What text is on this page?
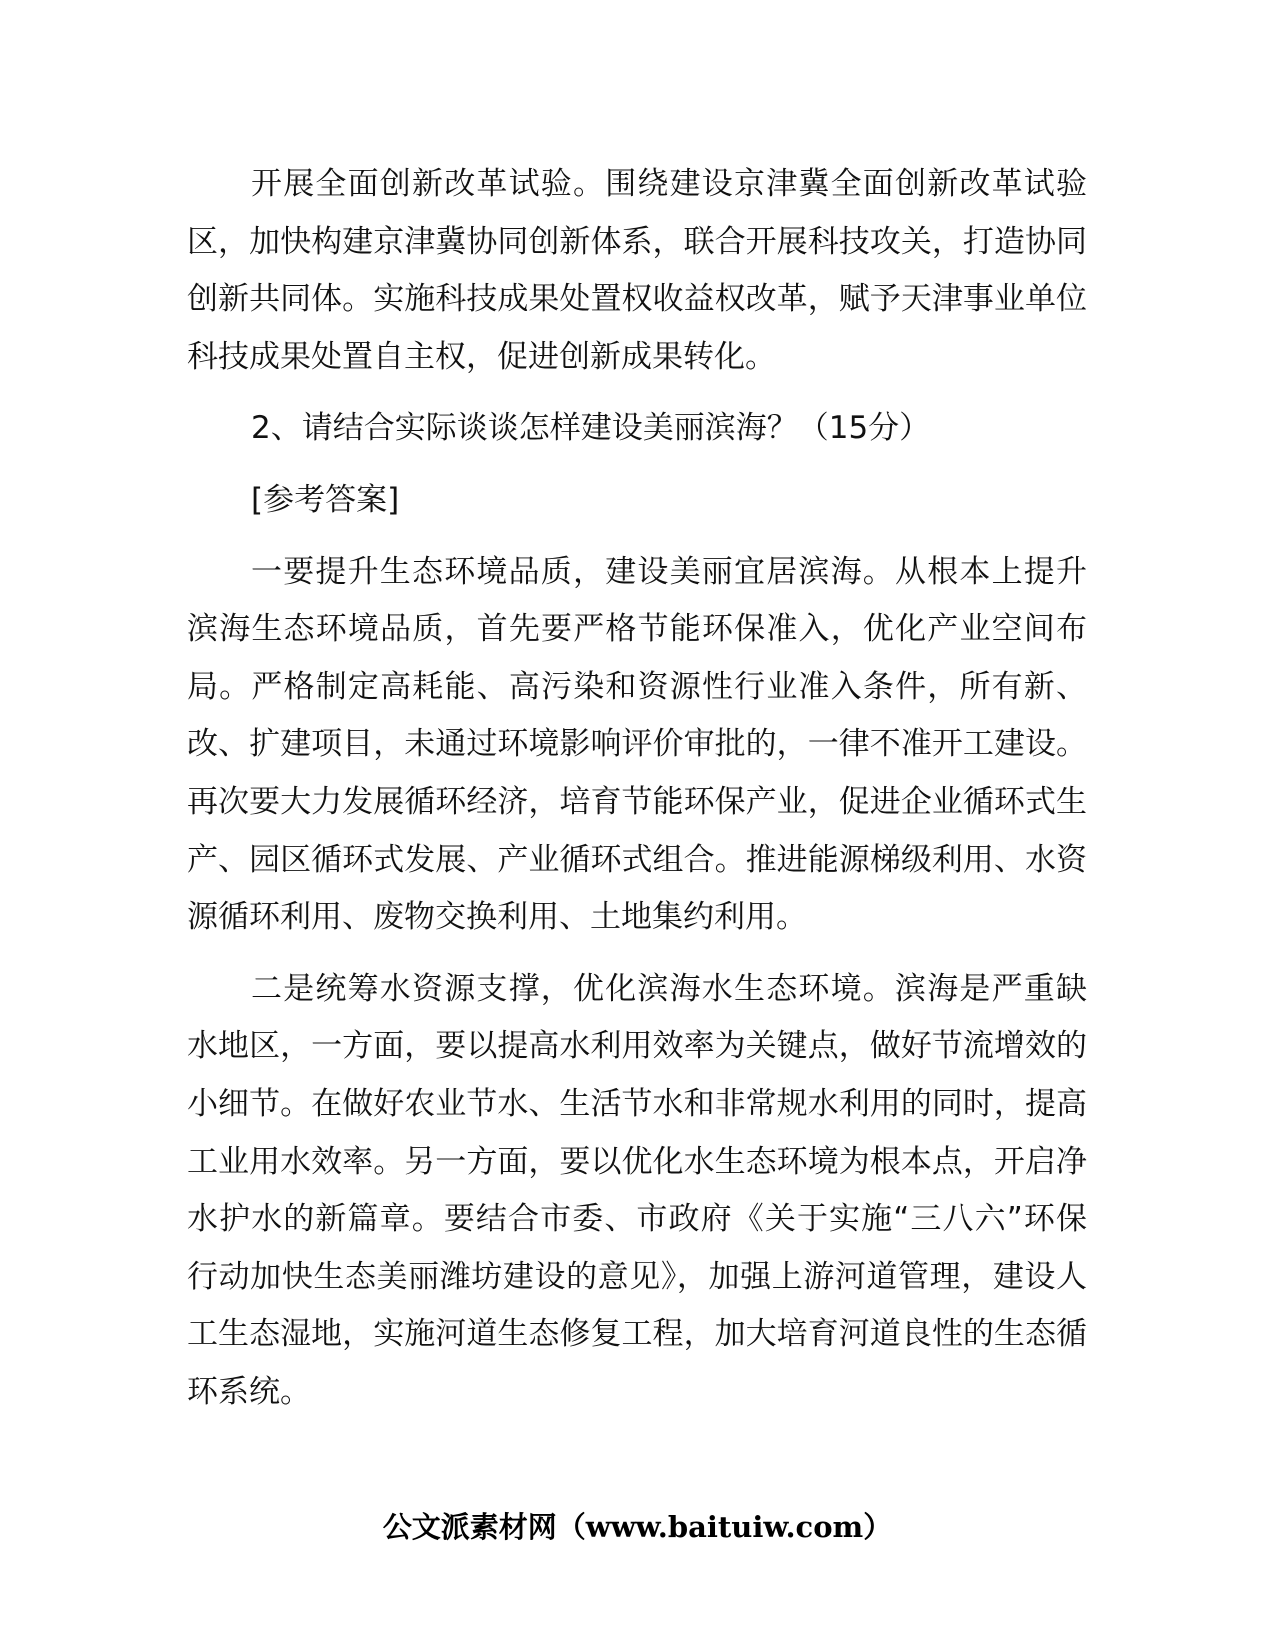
开展全面创新改革试验。围绕建设京津冀全面创新改革试验区，加快构建京津冀协同创新体系，联合开展科技攻关，打造协同创新共同体。实施科技成果处置权收益权改革，赋予天津事业单位科技成果处置自主权，促进创新成果转化。

2、请结合实际谈谈怎样建设美丽滨海？（15分）

[参考答案]

一要提升生态环境品质，建设美丽宜居滨海。从根本上提升滨海生态环境品质，首先要严格节能环保准入，优化产业空间布局。严格制定高耗能、高污染和资源性行业准入条件，所有新、改、扩建项目，未通过环境影响评价审批的，一律不准开工建设。再次要大力发展循环经济，培育节能环保产业，促进企业循环式生产、园区循环式发展、产业循环式组合。推进能源梯级利用、水资源循环利用、废物交换利用、土地集约利用。

二是统筹水资源支撑，优化滨海水生态环境。滨海是严重缺水地区，一方面，要以提高水利用效率为关键点，做好节流增效的小细节。在做好农业节水、生活节水和非常规水利用的同时，提高工业用水效率。另一方面，要以优化水生态环境为根本点，开启净水护水的新篇章。要结合市委、市政府《关于实施“三八六”环保行动加快生态美丽潍坊建设的意见》，加强上游河道管理，建设人工生态湿地，实施河道生态修复工程，加大培育河道良性的生态循环系统。

公文派素材网（www.baituiw.com）
